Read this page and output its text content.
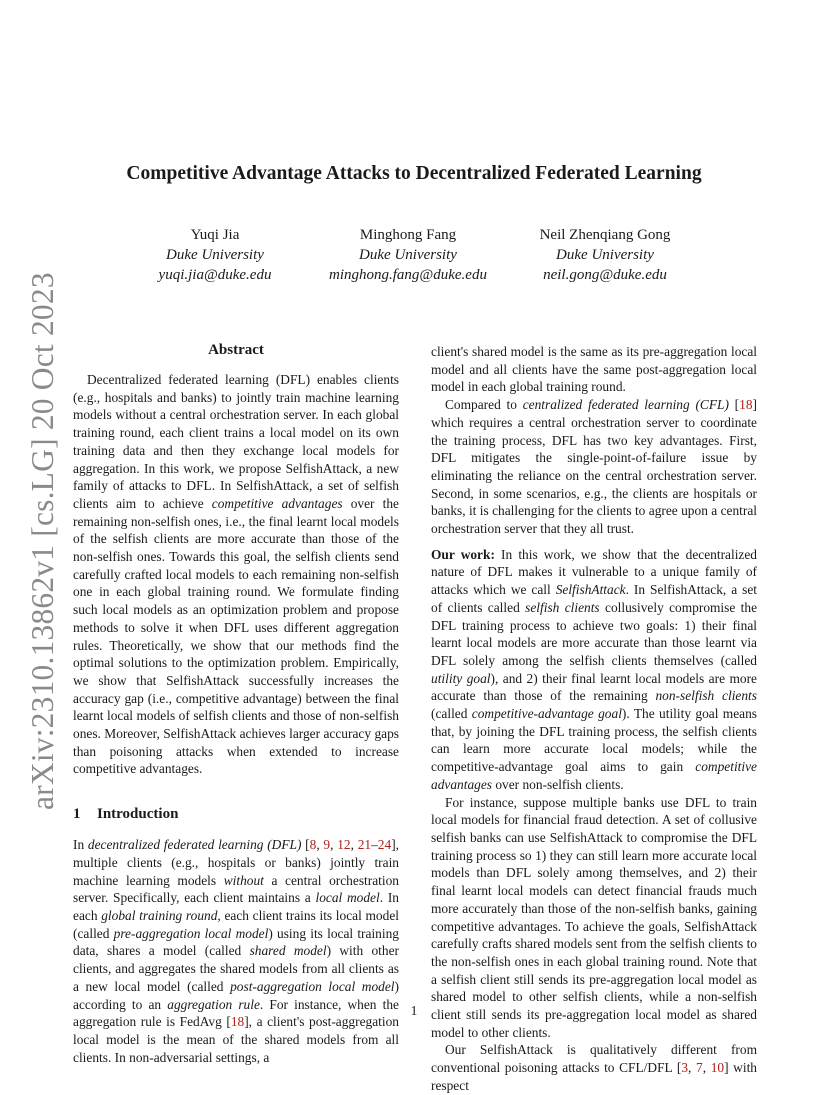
arXiv:2310.13862v1 [cs.LG] 20 Oct 2023
Competitive Advantage Attacks to Decentralized Federated Learning
Yuqi Jia
Duke University
yuqi.jia@duke.edu
Minghong Fang
Duke University
minghong.fang@duke.edu
Neil Zhenqiang Gong
Duke University
neil.gong@duke.edu
Abstract

Decentralized federated learning (DFL) enables clients (e.g., hospitals and banks) to jointly train machine learning models without a central orchestration server. In each global training round, each client trains a local model on its own training data and then they exchange local models for aggregation. In this work, we propose SelfishAttack, a new family of attacks to DFL. In SelfishAttack, a set of selfish clients aim to achieve competitive advantages over the remaining non-selfish ones, i.e., the final learnt local models of the selfish clients are more accurate than those of the non-selfish ones. Towards this goal, the selfish clients send carefully crafted local models to each remaining non-selfish one in each global training round. We formulate finding such local models as an optimization problem and propose methods to solve it when DFL uses different aggregation rules. Theoretically, we show that our methods find the optimal solutions to the optimization problem. Empirically, we show that SelfishAttack successfully increases the accuracy gap (i.e., competitive advantage) between the final learnt local models of selfish clients and those of non-selfish ones. Moreover, SelfishAttack achieves larger accuracy gaps than poisoning attacks when extended to increase competitive advantages.

1 Introduction

In decentralized federated learning (DFL) [8, 9, 12, 21–24], multiple clients (e.g., hospitals or banks) jointly train machine learning models without a central orchestration server. Specifically, each client maintains a local model. In each global training round, each client trains its local model (called pre-aggregation local model) using its local training data, shares a model (called shared model) with other clients, and aggregates the shared models from all clients as a new local model (called post-aggregation local model) according to an aggregation rule. For instance, when the aggregation rule is FedAvg [18], a client's post-aggregation local model is the mean of the shared models from all clients. In non-adversarial settings, a

client's shared model is the same as its pre-aggregation local model and all clients have the same post-aggregation local model in each global training round.

Compared to centralized federated learning (CFL) [18] which requires a central orchestration server to coordinate the training process, DFL has two key advantages. First, DFL mitigates the single-point-of-failure issue by eliminating the reliance on the central orchestration server. Second, in some scenarios, e.g., the clients are hospitals or banks, it is challenging for the clients to agree upon a central orchestration server that they all trust.

Our work: In this work, we show that the decentralized nature of DFL makes it vulnerable to a unique family of attacks which we call SelfishAttack. In SelfishAttack, a set of clients called selfish clients collusively compromise the DFL training process to achieve two goals: 1) their final learnt local models are more accurate than those learnt via DFL solely among the selfish clients themselves (called utility goal), and 2) their final learnt local models are more accurate than those of the remaining non-selfish clients (called competitive-advantage goal). The utility goal means that, by joining the DFL training process, the selfish clients can learn more accurate local models; while the competitive-advantage goal aims to gain competitive advantages over non-selfish clients.

For instance, suppose multiple banks use DFL to train local models for financial fraud detection. A set of collusive selfish banks can use SelfishAttack to compromise the DFL training process so 1) they can still learn more accurate local models than DFL solely among themselves, and 2) their final learnt local models can detect financial frauds much more accurately than those of the non-selfish banks, gaining competitive advantages. To achieve the goals, SelfishAttack carefully crafts shared models sent from the selfish clients to the non-selfish ones in each global training round. Note that a selfish client still sends its pre-aggregation local model as shared model to other selfish clients, while a non-selfish client still sends its pre-aggregation local model as shared model to other clients.

Our SelfishAttack is qualitatively different from conventional poisoning attacks to CFL/DFL [3, 7, 10] with respect

1
